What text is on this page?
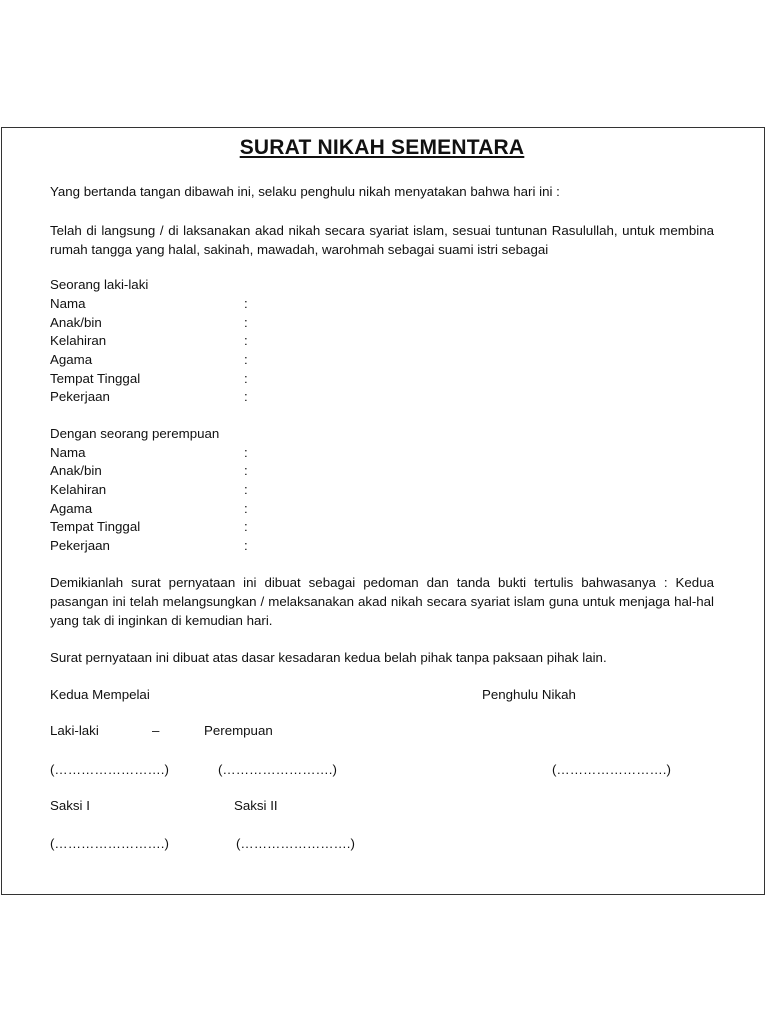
SURAT NIKAH SEMENTARA
Yang bertanda tangan dibawah ini, selaku penghulu nikah menyatakan bahwa hari ini :
Telah di langsung / di laksanakan akad nikah secara syariat islam, sesuai tuntunan Rasulullah, untuk membina rumah tangga yang halal, sakinah, mawadah, warohmah sebagai suami istri sebagai
Seorang laki-laki
Nama	:
Anak/bin	:
Kelahiran	:
Agama	:
Tempat Tinggal	:
Pekerjaan	:
Dengan seorang perempuan
Nama	:
Anak/bin	:
Kelahiran	:
Agama	:
Tempat Tinggal	:
Pekerjaan	:
Demikianlah surat pernyataan ini dibuat sebagai pedoman dan tanda bukti tertulis bahwasanya : Kedua pasangan ini telah melangsungkan / melaksanakan akad nikah secara syariat islam guna untuk menjaga hal-hal yang tak di inginkan di kemudian hari.
Surat pernyataan ini dibuat atas dasar kesadaran kedua belah pihak tanpa paksaan pihak lain.
Kedua Mempelai	Penghulu Nikah
Laki-laki	–	Perempuan
(…………………….)	(…………………….)	(…………………….)
Saksi I	Saksi II
(…………………….)	(…………………….)
